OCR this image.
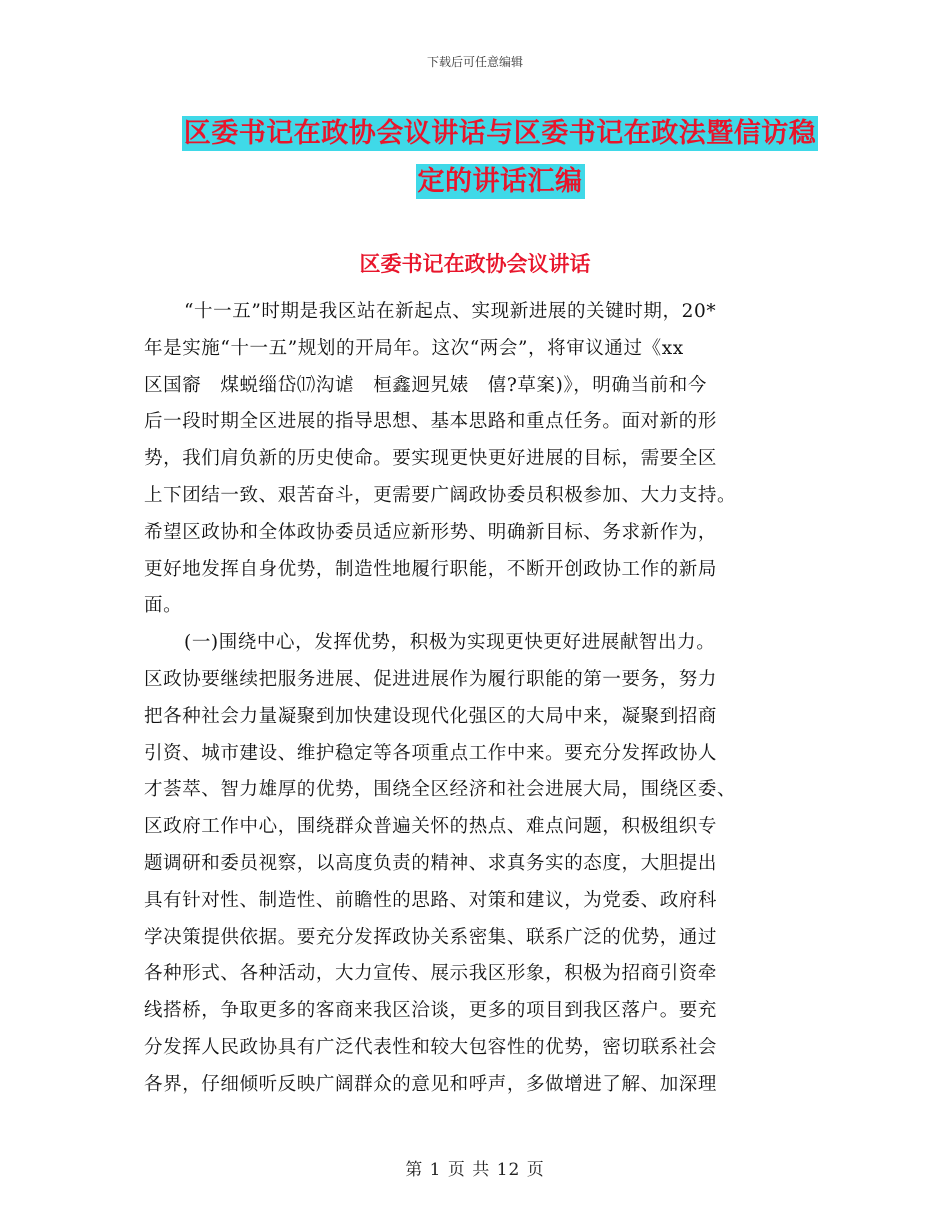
下载后可任意编辑
区委书记在政协会议讲话与区委书记在政法暨信访稳
定的讲话汇编
区委书记在政协会议讲话
“十一五”时期是我区站在新起点、实现新进展的关键时期，20*
年是实施“十一五”规划的开局年。这次“两会”，将审议通过《xx
区国窬　煤蜕缁岱⒄沟谑　桓鑫迥旯婊　僖?草案)》，明确当前和今
后一段时期全区进展的指导思想、基本思路和重点任务。面对新的形
势，我们肩负新的历史使命。要实现更快更好进展的目标，需要全区
上下团结一致、艰苦奋斗，更需要广阔政协委员积极参加、大力支持。
希望区政协和全体政协委员适应新形势、明确新目标、务求新作为，
更好地发挥自身优势，制造性地履行职能，不断开创政协工作的新局
面。
(一)围绕中心，发挥优势，积极为实现更快更好进展献智出力。
区政协要继续把服务进展、促进进展作为履行职能的第一要务，努力
把各种社会力量凝聚到加快建设现代化强区的大局中来，凝聚到招商
引资、城市建设、维护稳定等各项重点工作中来。要充分发挥政协人
才荟萃、智力雄厚的优势，围绕全区经济和社会进展大局，围绕区委、
区政府工作中心，围绕群众普遍关怀的热点、难点问题，积极组织专
题调研和委员视察，以高度负责的精神、求真务实的态度，大胆提出
具有针对性、制造性、前瞻性的思路、对策和建议，为党委、政府科
学决策提供依据。要充分发挥政协关系密集、联系广泛的优势，通过
各种形式、各种活动，大力宣传、展示我区形象，积极为招商引资牵
线搭桥，争取更多的客商来我区洽谈，更多的项目到我区落户。要充
分发挥人民政协具有广泛代表性和较大包容性的优势，密切联系社会
各界，仔细倾听反映广阔群众的意见和呼声，多做增进了解、加深理
第 1 页 共 12 页
